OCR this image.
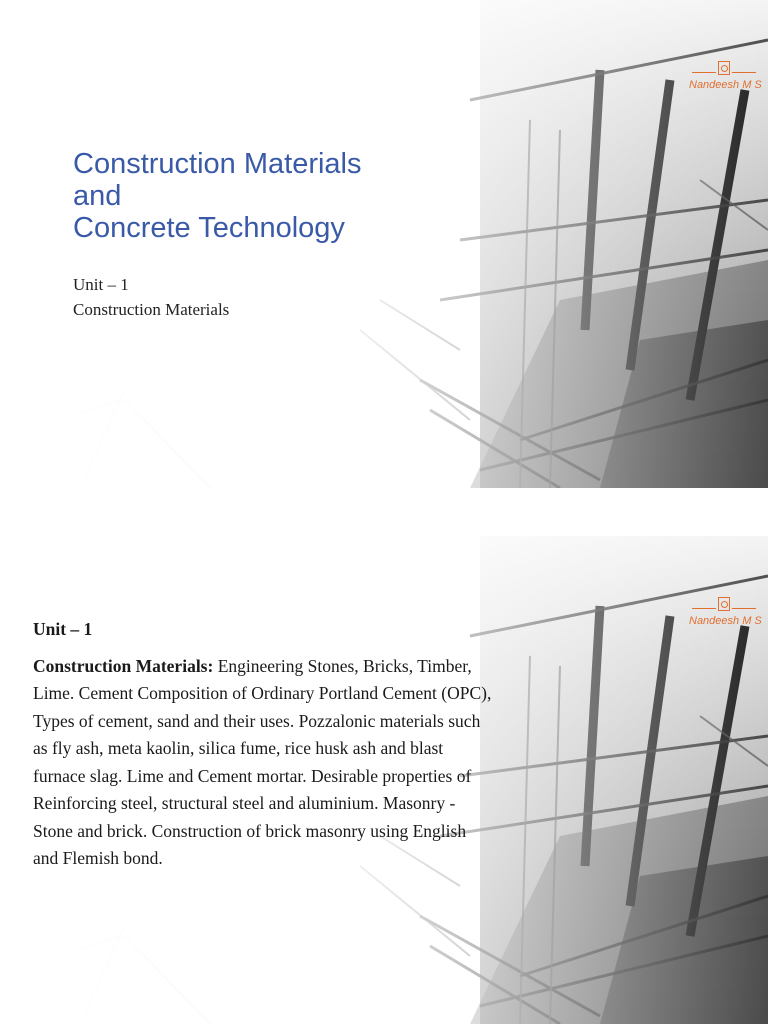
Nandeesh M S
Construction Materials
and
Concrete Technology
Unit – 1
Construction Materials
Nandeesh M S
Unit – 1
Construction Materials: Engineering Stones, Bricks, Timber, Lime. Cement Composition of Ordinary Portland Cement (OPC), Types of cement, sand and their uses. Pozzalonic materials such as fly ash, meta kaolin, silica fume, rice husk ash and blast furnace slag. Lime and Cement mortar. Desirable properties of Reinforcing steel, structural steel and aluminium. Masonry - Stone and brick. Construction of brick masonry using English and Flemish bond.
